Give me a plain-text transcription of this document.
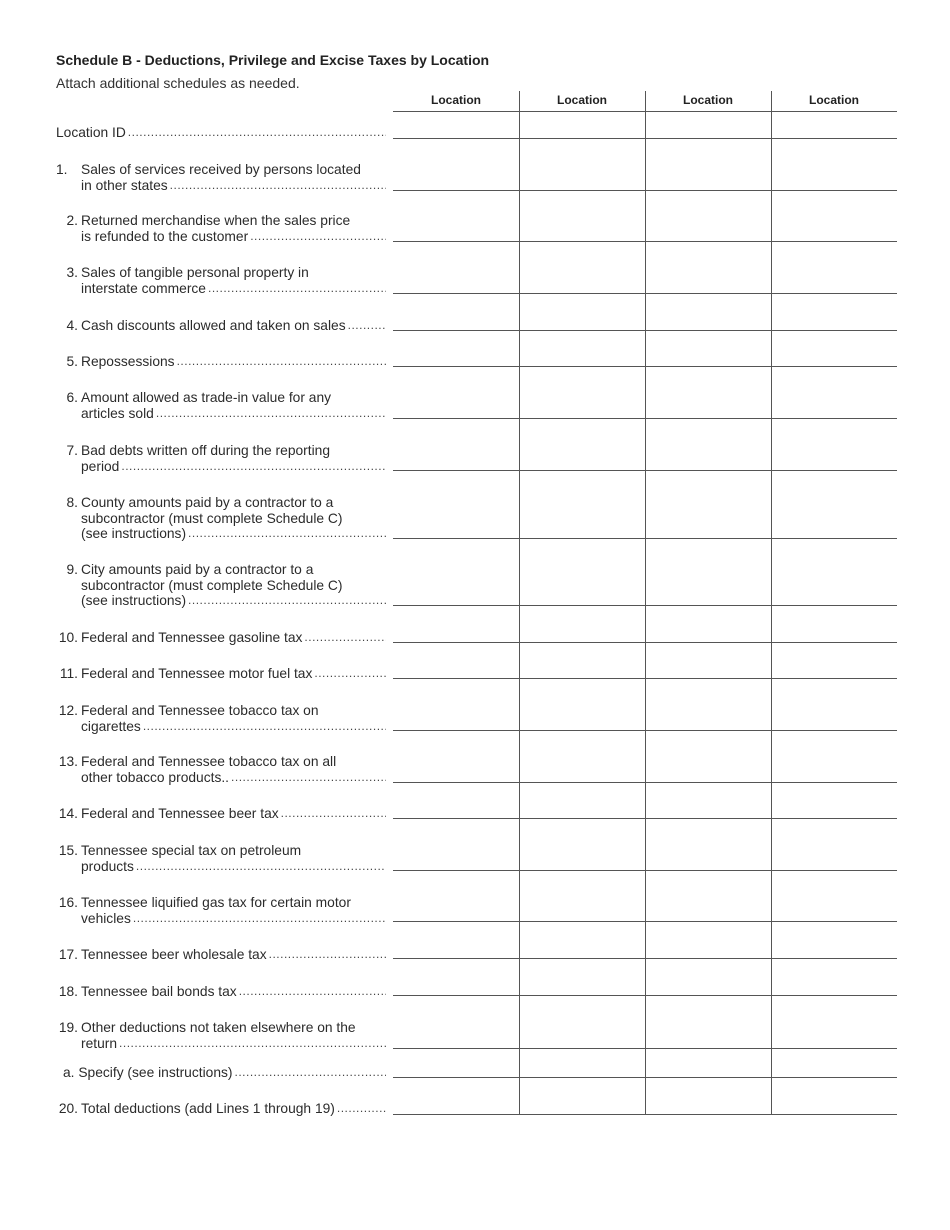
Schedule B - Deductions, Privilege and Excise Taxes by Location
Attach additional schedules as needed.
Location	Location	Location	Location
Location ID
.....
1. Sales of services received by persons located
in other states
.....
2. Returned merchandise when the sales price
is refunded to the customer
.....
3. Sales of tangible personal property in
interstate commerce
.....
4. Cash discounts allowed and taken on sales
.....
5. Repossessions
.....
6. Amount allowed as trade-in value for any
articles sold
.....
7. Bad debts written off during the reporting
period
.....
8. County amounts paid by a contractor to a
subcontractor (must complete Schedule C)
(see instructions)
.....
9. City amounts paid by a contractor to a
subcontractor (must complete Schedule C)
(see instructions)
.....
10. Federal and Tennessee gasoline tax
.....
11. Federal and Tennessee motor fuel tax
.....
12. Federal and Tennessee tobacco tax on
cigarettes
.....
13. Federal and Tennessee tobacco tax on all
other tobacco products..
.....
14. Federal and Tennessee beer tax
.....
15. Tennessee special tax on petroleum
products
.....
16. Tennessee liquified gas tax for certain motor
vehicles
.....
17. Tennessee beer wholesale tax
.....
18. Tennessee bail bonds tax
.....
19. Other deductions not taken elsewhere on the
return
.....
a.
Specify (see instructions)
.....
20. Total deductions (add Lines 1 through 19)
.....
